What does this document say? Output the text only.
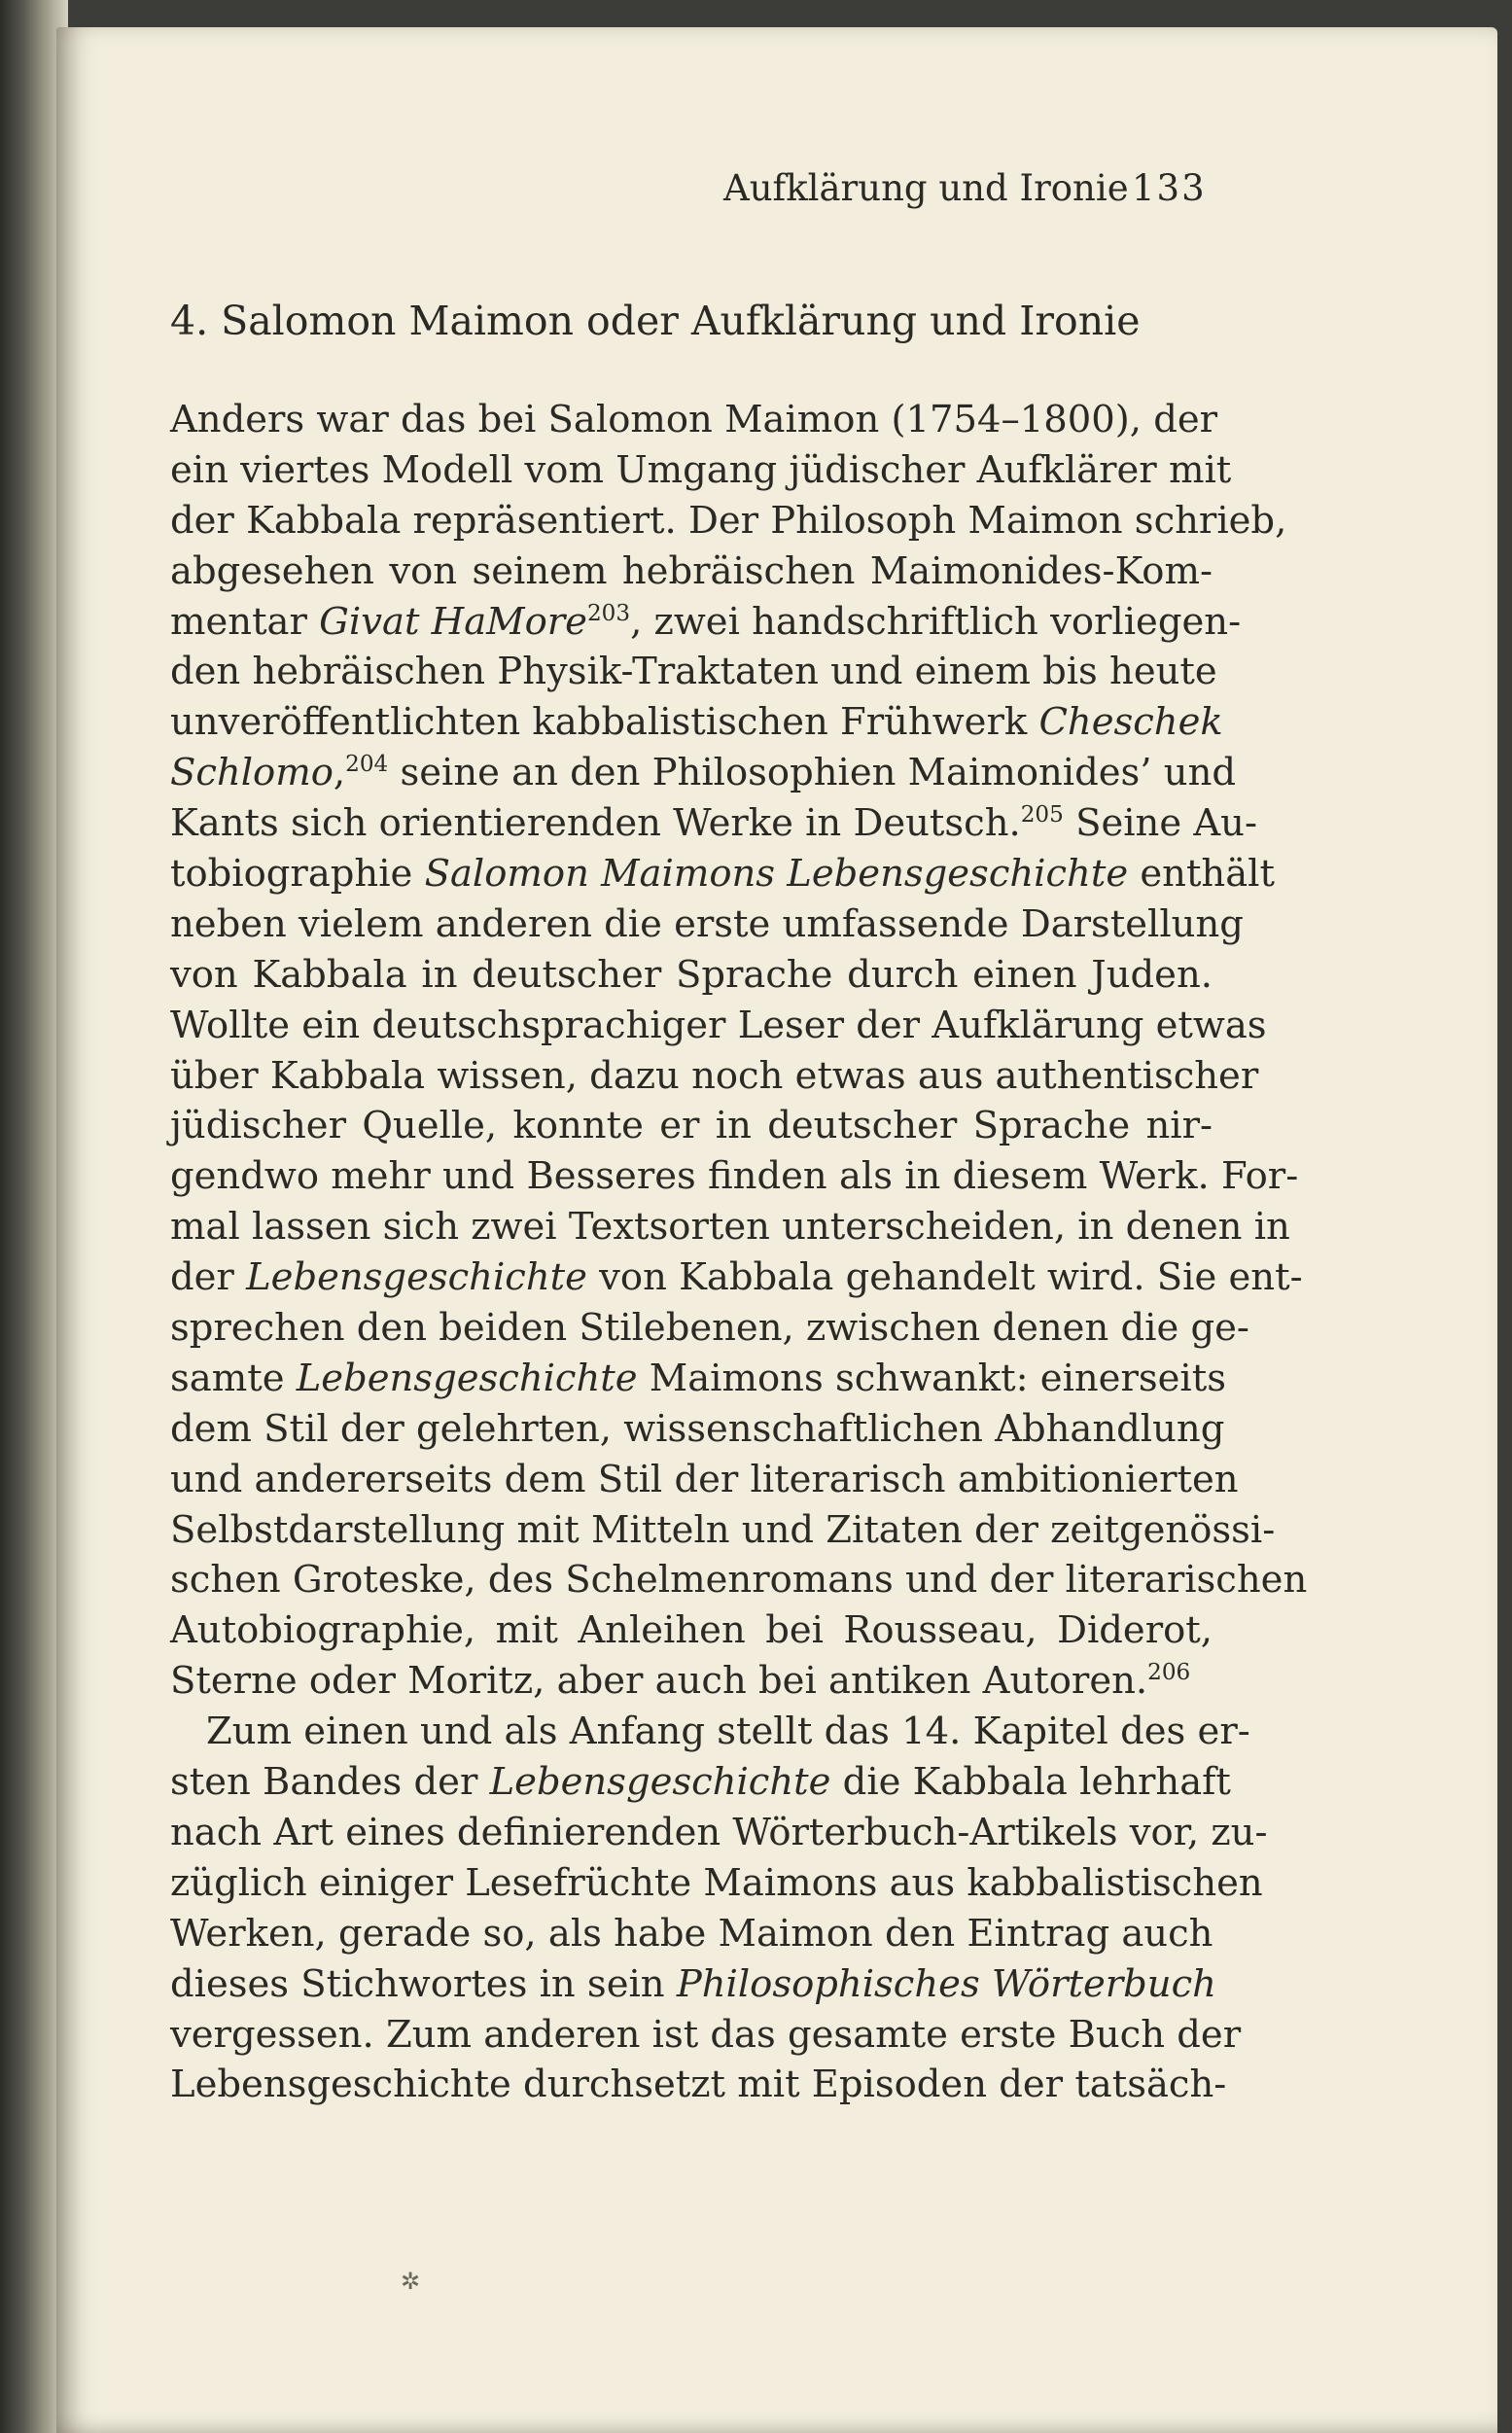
Aufklärung und Ironie 133
4. Salomon Maimon oder Aufklärung und Ironie
Anders war das bei Salomon Maimon (1754–1800), der
ein viertes Modell vom Umgang jüdischer Aufklärer mit
der Kabbala repräsentiert. Der Philosoph Maimon schrieb,
abgesehen von seinem hebräischen Maimonides-Kom-
mentar Givat HaMore$^{203}$, zwei handschriftlich vorliegen-
den hebräischen Physik-Traktaten und einem bis heute
unveröffentlichten kabbalistischen Frühwerk Cheschek
Schlomo,$^{204}$ seine an den Philosophien Maimonides’ und
Kants sich orientierenden Werke in Deutsch.$^{205}$ Seine Au-
tobiographie Salomon Maimons Lebensgeschichte enthält
neben vielem anderen die erste umfassende Darstellung
von Kabbala in deutscher Sprache durch einen Juden.
Wollte ein deutschsprachiger Leser der Aufklärung etwas
über Kabbala wissen, dazu noch etwas aus authentischer
jüdischer Quelle, konnte er in deutscher Sprache nir-
gendwo mehr und Besseres finden als in diesem Werk. For-
mal lassen sich zwei Textsorten unterscheiden, in denen in
der Lebensgeschichte von Kabbala gehandelt wird. Sie ent-
sprechen den beiden Stilebenen, zwischen denen die ge-
samte Lebensgeschichte Maimons schwankt: einerseits
dem Stil der gelehrten, wissenschaftlichen Abhandlung
und andererseits dem Stil der literarisch ambitionierten
Selbstdarstellung mit Mitteln und Zitaten der zeitgenössi-
schen Groteske, des Schelmenromans und der literarischen
Autobiographie, mit Anleihen bei Rousseau, Diderot,
Sterne oder Moritz, aber auch bei antiken Autoren.$^{206}$
Zum einen und als Anfang stellt das 14. Kapitel des er-
sten Bandes der Lebensgeschichte die Kabbala lehrhaft
nach Art eines definierenden Wörterbuch-Artikels vor, zu-
züglich einiger Lesefrüchte Maimons aus kabbalistischen
Werken, gerade so, als habe Maimon den Eintrag auch
dieses Stichwortes in sein Philosophisches Wörterbuch
vergessen. Zum anderen ist das gesamte erste Buch der
Lebensgeschichte durchsetzt mit Episoden der tatsäch-
✲
